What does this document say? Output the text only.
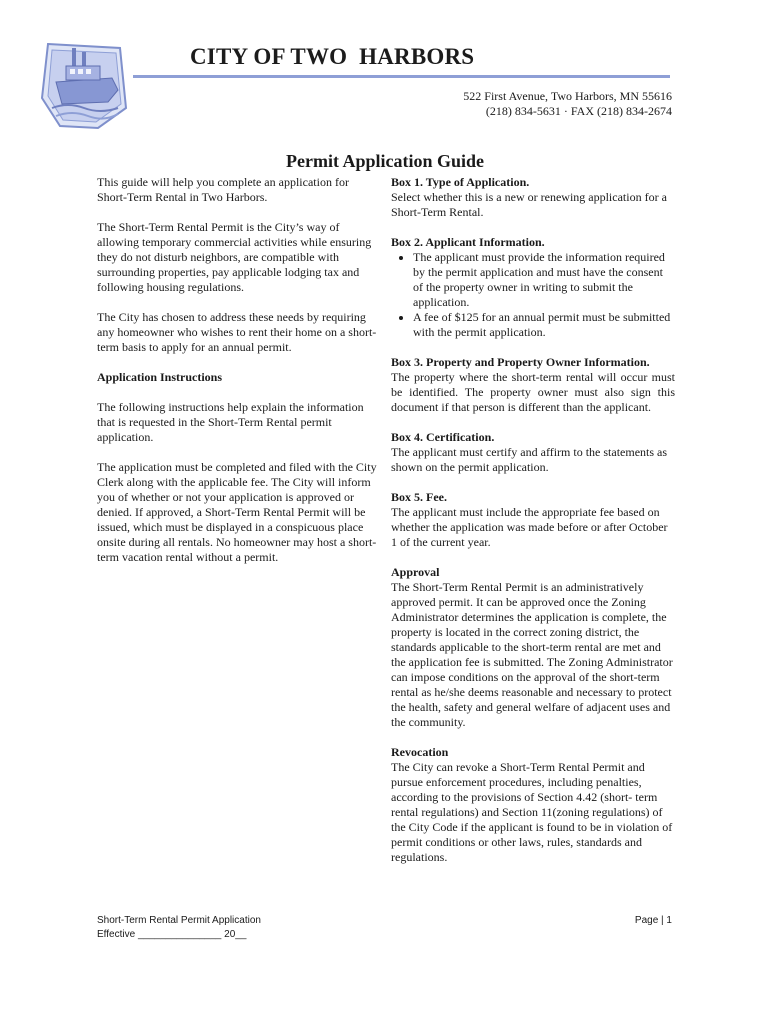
CITY OF TWO  HARBORS
522 First Avenue, Two Harbors, MN 55616
(218) 834-5631 · FAX (218) 834-2674
Permit Application Guide

This guide will help you complete an application for Short-Term Rental in Two Harbors.

The Short-Term Rental Permit is the City’s way of allowing temporary commercial activities while ensuring they do not disturb neighbors, are compatible with surrounding properties, pay applicable lodging tax and following housing regulations.

The City has chosen to address these needs by requiring any homeowner who wishes to rent their home on a short-term basis to apply for an annual permit.

Application Instructions

The following instructions help explain the information that is requested in the Short-Term Rental permit application.

The application must be completed and filed with the City Clerk along with the applicable fee. The City will inform you of whether or not your application is approved or denied. If approved, a Short-Term Rental Permit will be issued, which must be displayed in a conspicuous place onsite during all rentals. No homeowner may host a short-term vacation rental without a permit.

Box 1. Type of Application.
Select whether this is a new or renewing application for a Short-Term Rental.
Box 2. Applicant Information.
• The applicant must provide the information required by the permit application and must have the consent of the property owner in writing to submit the application.
• A fee of $125 for an annual permit must be submitted with the permit application.
Box 3. Property and Property Owner Information.
The property where the short-term rental will occur must be identified. The property owner must also sign this document if that person is different than the applicant.
Box 4. Certification.
The applicant must certify and affirm to the statements as shown on the permit application.
Box 5. Fee.
The applicant must include the appropriate fee based on whether the application was made before or after October 1 of the current year.
Approval
The Short-Term Rental Permit is an administratively approved permit. It can be approved once the Zoning Administrator determines the application is complete, the property is located in the correct zoning district, the standards applicable to the short-term rental are met and the application fee is submitted. The Zoning Administrator can impose conditions on the approval of the short-term rental as he/she deems reasonable and necessary to protect the health, safety and general welfare of adjacent uses and the community.
Revocation
The City can revoke a Short-Term Rental Permit and pursue enforcement procedures, including penalties, according to the provisions of Section 4.42 (short- term rental regulations) and Section 11(zoning regulations) of the City Code if the applicant is found to be in violation of permit conditions or other laws, rules, standards and regulations.
Short-Term Rental Permit Application
Effective _______________ 20__
Page | 1
